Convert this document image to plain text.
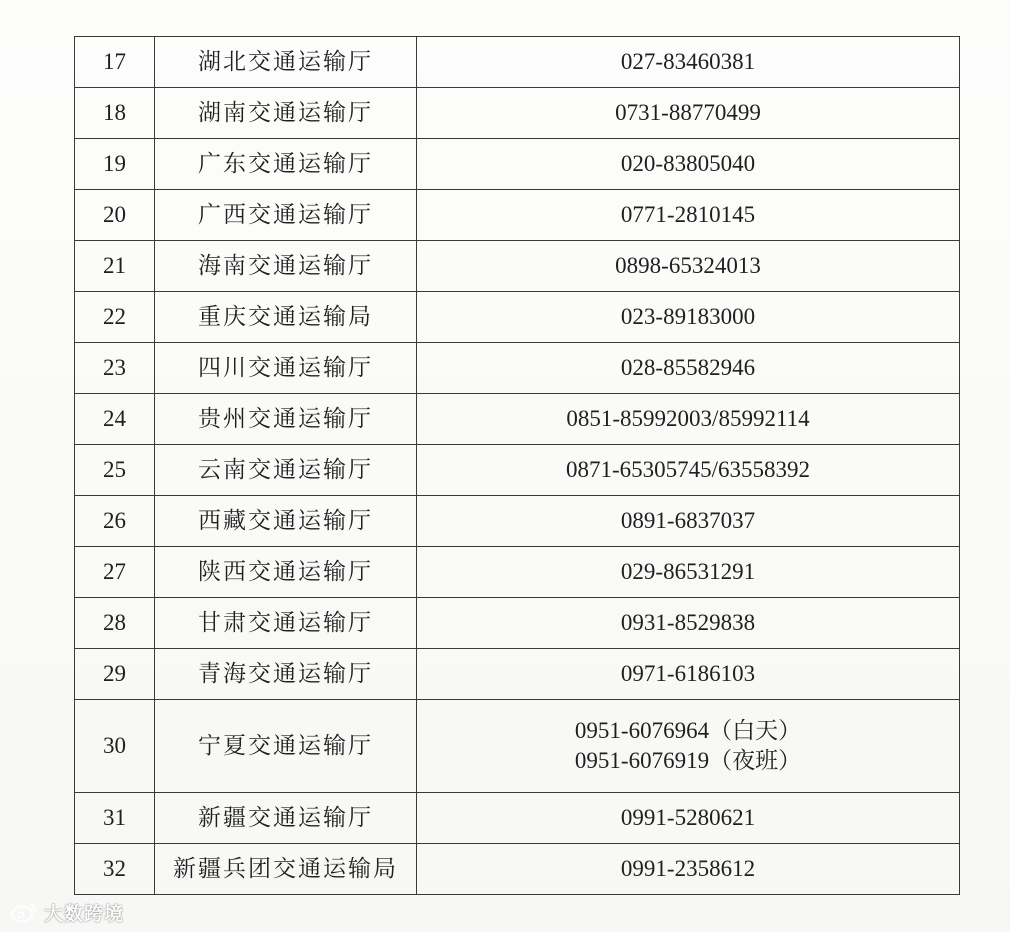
17	湖北交通运输厅	027-83460381

18	湖南交通运输厅	0731-88770499

19	广东交通运输厅	020-83805040

20	广西交通运输厅	0771-2810145

21	海南交通运输厅	0898-65324013

22	重庆交通运输局	023-89183000

23	四川交通运输厅	028-85582946

24	贵州交通运输厅	0851-85992003/85992114

25	云南交通运输厅	0871-65305745/63558392

26	西藏交通运输厅	0891-6837037

27	陕西交通运输厅	029-86531291

28	甘肃交通运输厅	0931-8529838

29	青海交通运输厅	0971-6186103

30	宁夏交通运输厅	0951-6076964（白天）
0951-6076919（夜班）

31	新疆交通运输厅	0991-5280621

32	新疆兵团交通运输局	0991-2358612
大数跨境
